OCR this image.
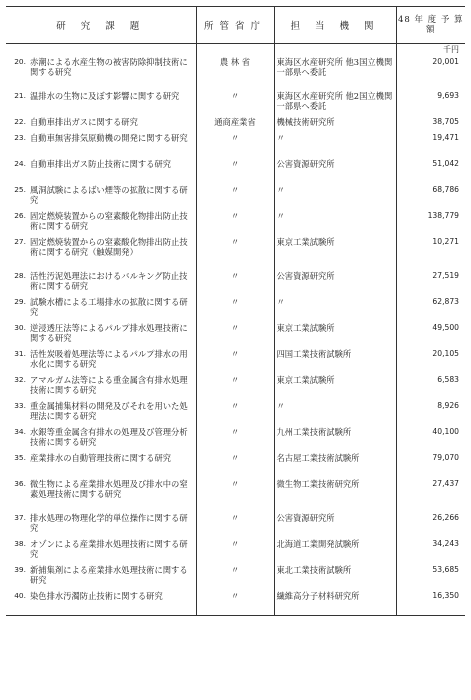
研 究 課 題	所管省庁	担 当 機 関	48 年 度 予 算 額
			千円

20. 赤潮による水産生物の被害防除抑制技術に関する研究	農 林 省	東海区水産研究所 他3国立機関 一部県へ委託	20,001

21. 温排水の生物に及ぼす影響に関する研究	〃	東海区水産研究所 他2国立機関 一部県へ委託	9,693

22. 自動車排出ガスに関する研究	通商産業省	機械技術研究所	38,705

23. 自動車無害排気原動機の開発に関する研究	〃	〃	19,471

24. 自動車排出ガス防止技術に関する研究	〃	公害資源研究所	51,042

25. 風洞試験によるばい煙等の拡散に関する研究	〃	〃	68,786

26. 固定燃焼装置からの窒素酸化物排出防止技術に関する研究	〃	〃	138,779

27. 固定燃焼装置からの窒素酸化物排出防止技術に関する研究（触媒開発）	〃	東京工業試験所	10,271

28. 活性汚泥処理法におけるバルキング防止技術に関する研究	〃	公害資源研究所	27,519

29. 試験水槽による工場排水の拡散に関する研究	〃	〃	62,873

30. 逆浸透圧法等によるパルプ排水処理技術に関する研究	〃	東京工業試験所	49,500

31. 活性炭吸着処理法等によるパルプ排水の用水化に関する研究	〃	四国工業技術試験所	20,105

32. アマルガム法等による重金属含有排水処理技術に関する研究	〃	東京工業試験所	6,583

33. 重金属捕集材料の開発及びそれを用いた処理法に関する研究	〃	〃	8,926

34. 水銀等重金属含有排水の処理及び管理分析技術に関する研究	〃	九州工業技術試験所	40,100

35. 産業排水の自動管理技術に関する研究	〃	名古屋工業技術試験所	79,070

36. 微生物による産業排水処理及び排水中の窒素処理技術に関する研究	〃	微生物工業技術研究所	27,437

37. 排水処理の物理化学的単位操作に関する研究	〃	公害資源研究所	26,266

38. オゾンによる産業排水処理技術に関する研究	〃	北海道工業開発試験所	34,243

39. 新捕集剤による産業排水処理技術に関する研究	〃	東北工業技術試験所	53,685

40. 染色排水汚濁防止技術に関する研究	〃	繊維高分子材料研究所	16,350
